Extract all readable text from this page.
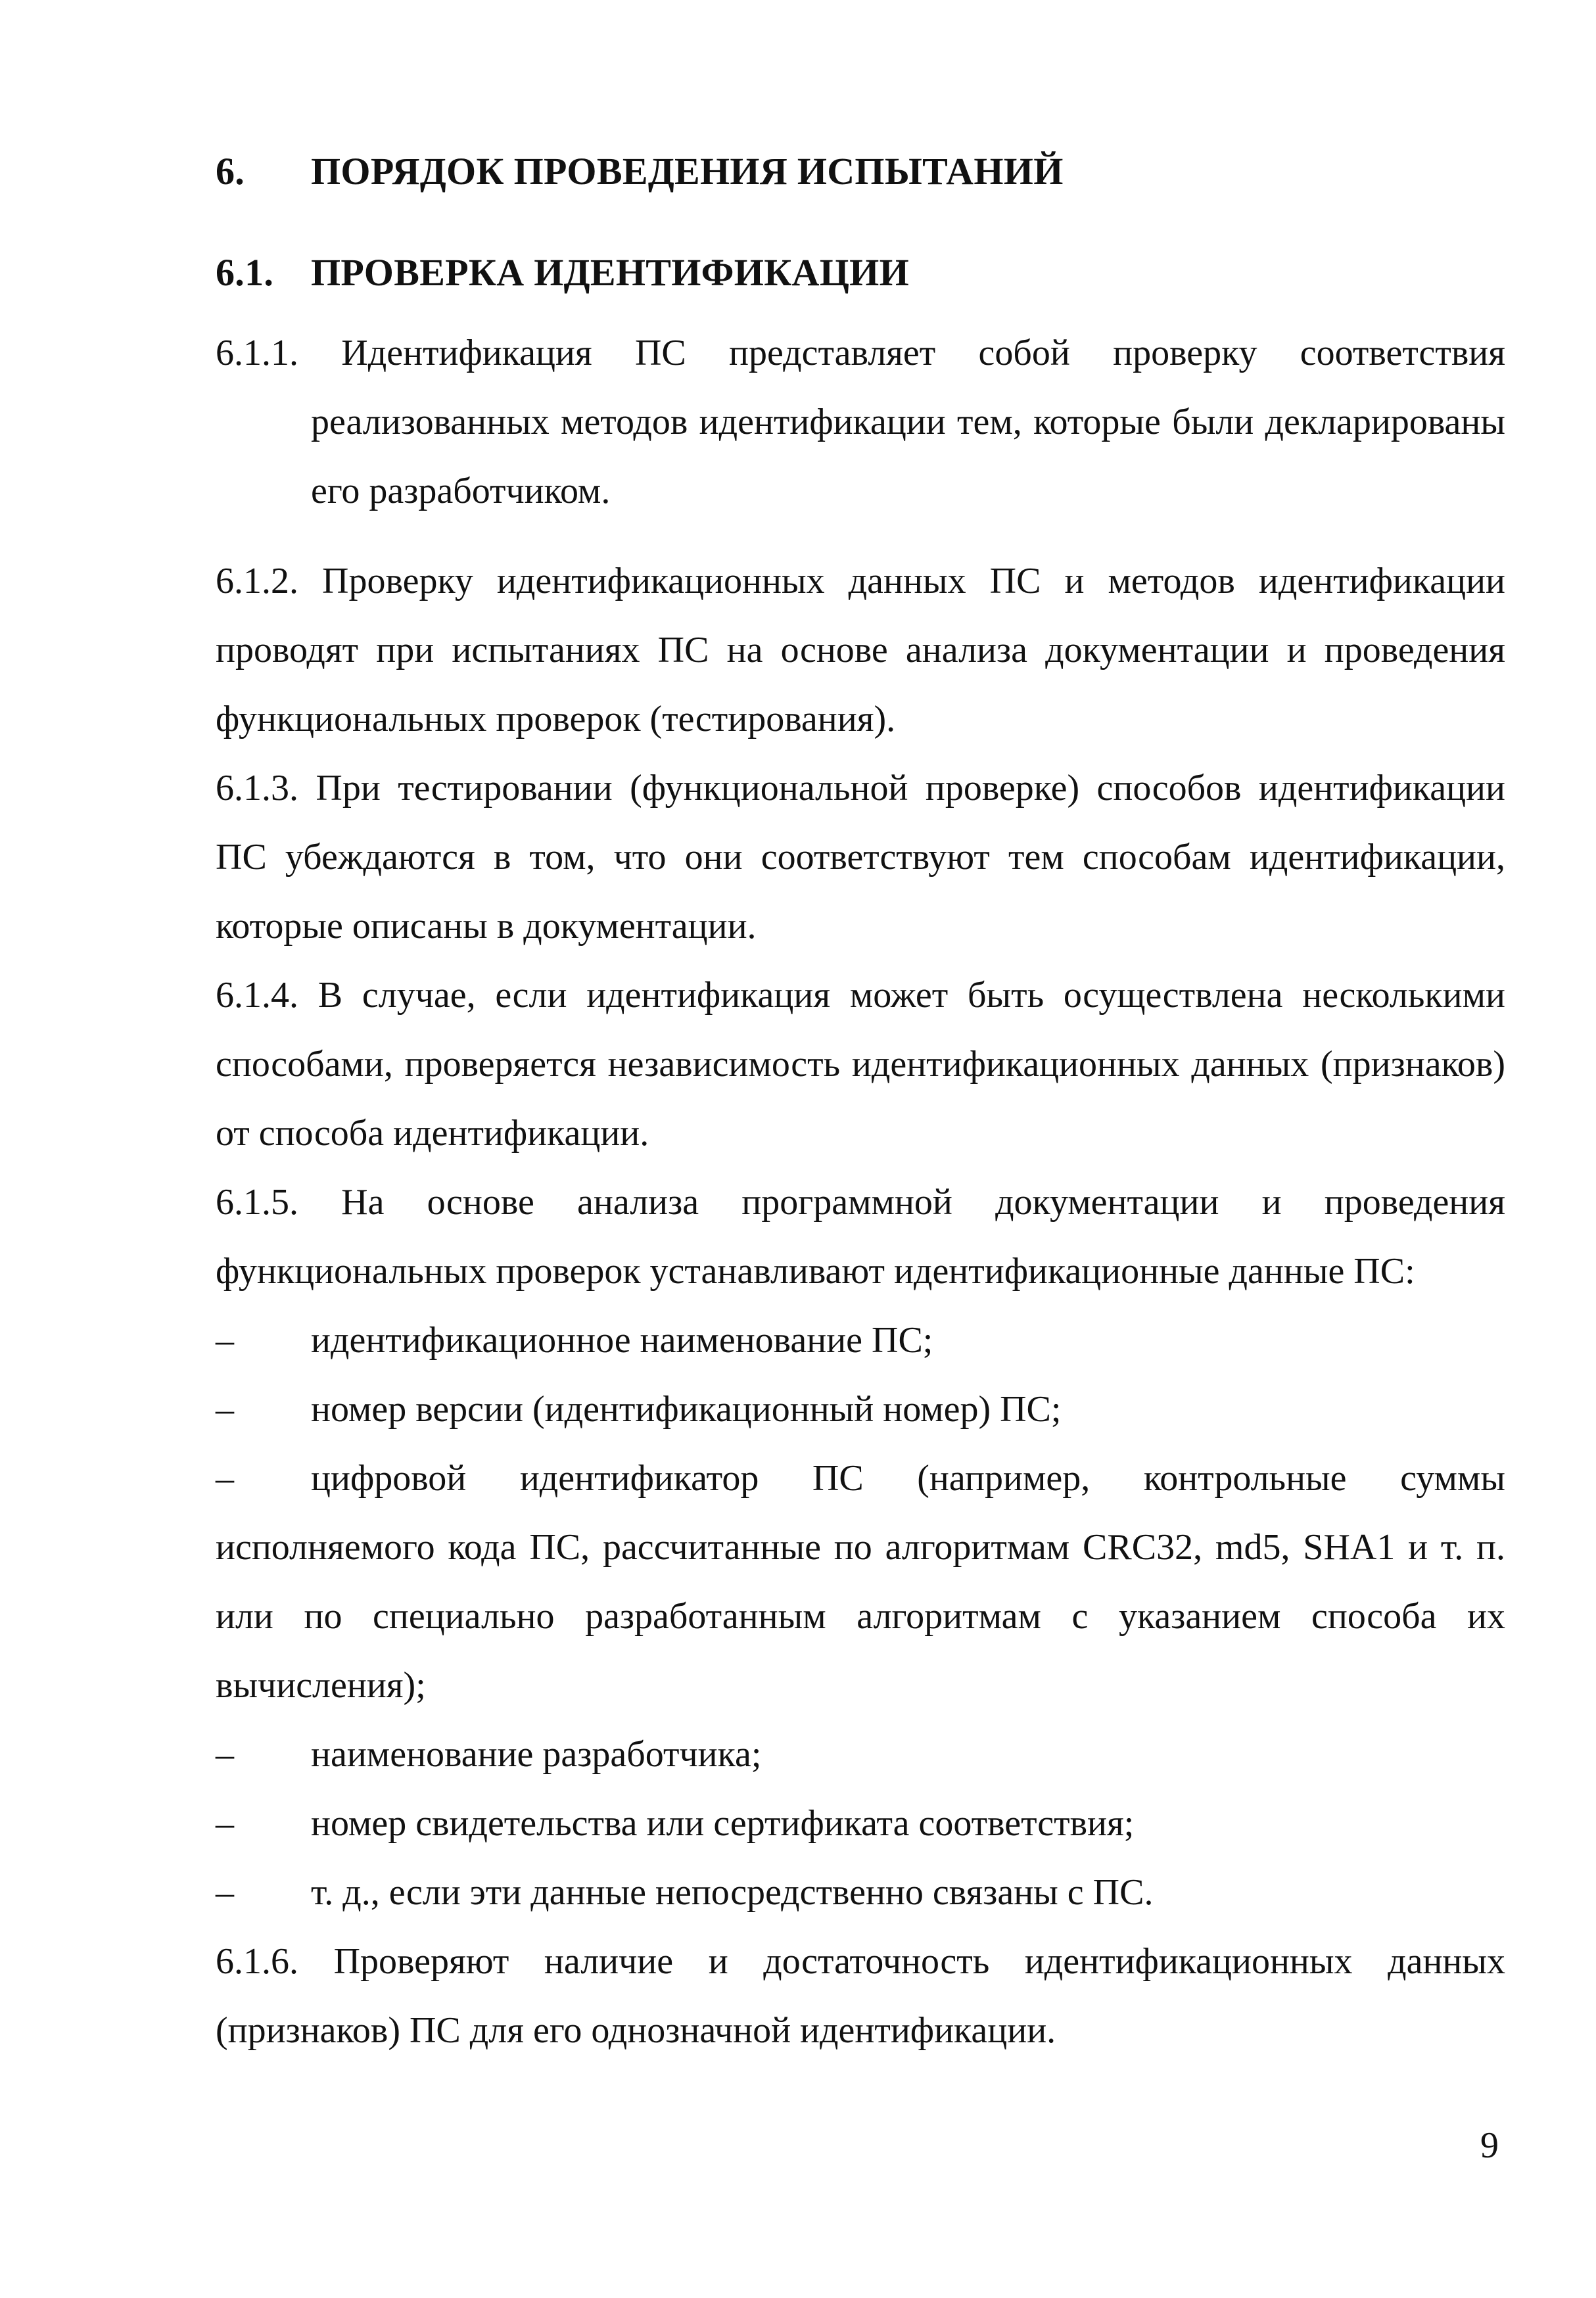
6. ПОРЯДОК ПРОВЕДЕНИЯ ИСПЫТАНИЙ
6.1. ПРОВЕРКА ИДЕНТИФИКАЦИИ

6.1.1. Идентификация ПС представляет собой проверку соответствия реализованных методов идентификации тем, которые были декларированы его разработчиком.

6.1.2. Проверку идентификационных данных ПС и методов идентификации проводят при испытаниях ПС на основе анализа документации и проведения функциональных проверок (тестирования).

6.1.3. При тестировании (функциональной проверке) способов идентификации ПС убеждаются в том, что они соответствуют тем способам идентификации, которые описаны в документации.

6.1.4. В случае, если идентификация может быть осуществлена несколькими способами, проверяется независимость идентификационных данных (признаков) от способа идентификации.

6.1.5. На основе анализа программной документации и проведения функциональных проверок устанавливают идентификационные данные ПС:

– идентификационное наименование ПС;
– номер версии (идентификационный номер) ПС;
– цифровой идентификатор ПС (например, контрольные суммы исполняемого кода ПС, рассчитанные по алгоритмам CRC32, md5, SHA1 и т. п. или по специально разработанным алгоритмам с указанием способа их вычисления);
– наименование разработчика;
– номер свидетельства или сертификата соответствия;
– т. д., если эти данные непосредственно связаны с ПС.

6.1.6. Проверяют наличие и достаточность идентификационных данных (признаков) ПС для его однозначной идентификации.

9
